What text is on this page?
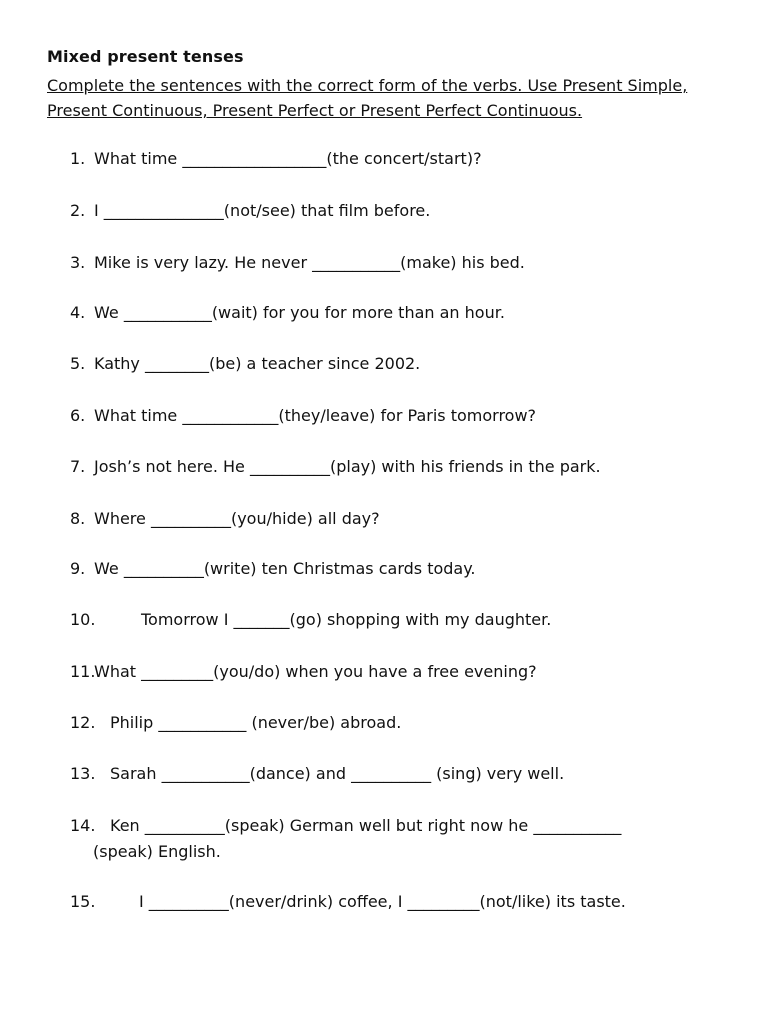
Mixed present tenses
Complete the sentences with the correct form of the verbs. Use Present Simple,
Present Continuous, Present Perfect or Present Perfect Continuous.
1. What time __________________(the concert/start)?
2. I _______________(not/see) that film before.
3. Mike is very lazy. He never ___________(make) his bed.
4. We ___________(wait) for you for more than an hour.
5. Kathy ________(be) a teacher since 2002.
6. What time ____________(they/leave) for Paris tomorrow?
7. Josh’s not here. He __________(play) with his friends in the park.
8. Where __________(you/hide) all day?
9. We __________(write) ten Christmas cards today.
10.	Tomorrow I _______(go) shopping with my daughter.
11.
What _________(you/do) when you have a free evening?
12. Philip ___________ (never/be) abroad.
13. Sarah ___________(dance) and __________ (sing) very well.
14. Ken __________(speak) German well but right now he ___________
(speak) English.
15.	I __________(never/drink) coffee, I _________(not/like) its taste.
